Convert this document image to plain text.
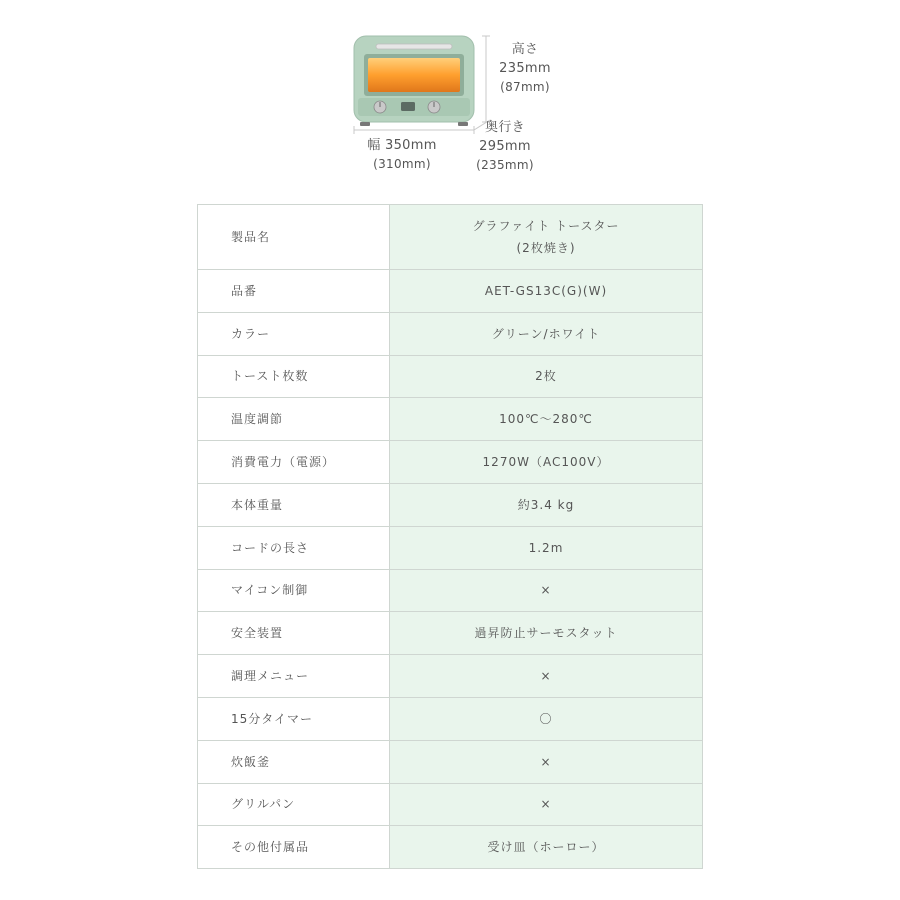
高さ
235mm
(87mm)
奥行き
295mm
(235mm)
幅 350mm
(310mm)
製品名	グラファイト トースター
(2枚焼き)

品番	AET-GS13C(G)(W)
カラー	グリーン/ホワイト
トースト枚数	2枚
温度調節	100℃～280℃
消費電力（電源）	1270W（AC100V）
本体重量	約3.4 kg
コードの長さ	1.2m
マイコン制御	×
安全装置	過昇防止サーモスタット
調理メニュー	×
15分タイマー	〇
炊飯釜	×
グリルパン	×
その他付属品	受け皿（ホーロー）
